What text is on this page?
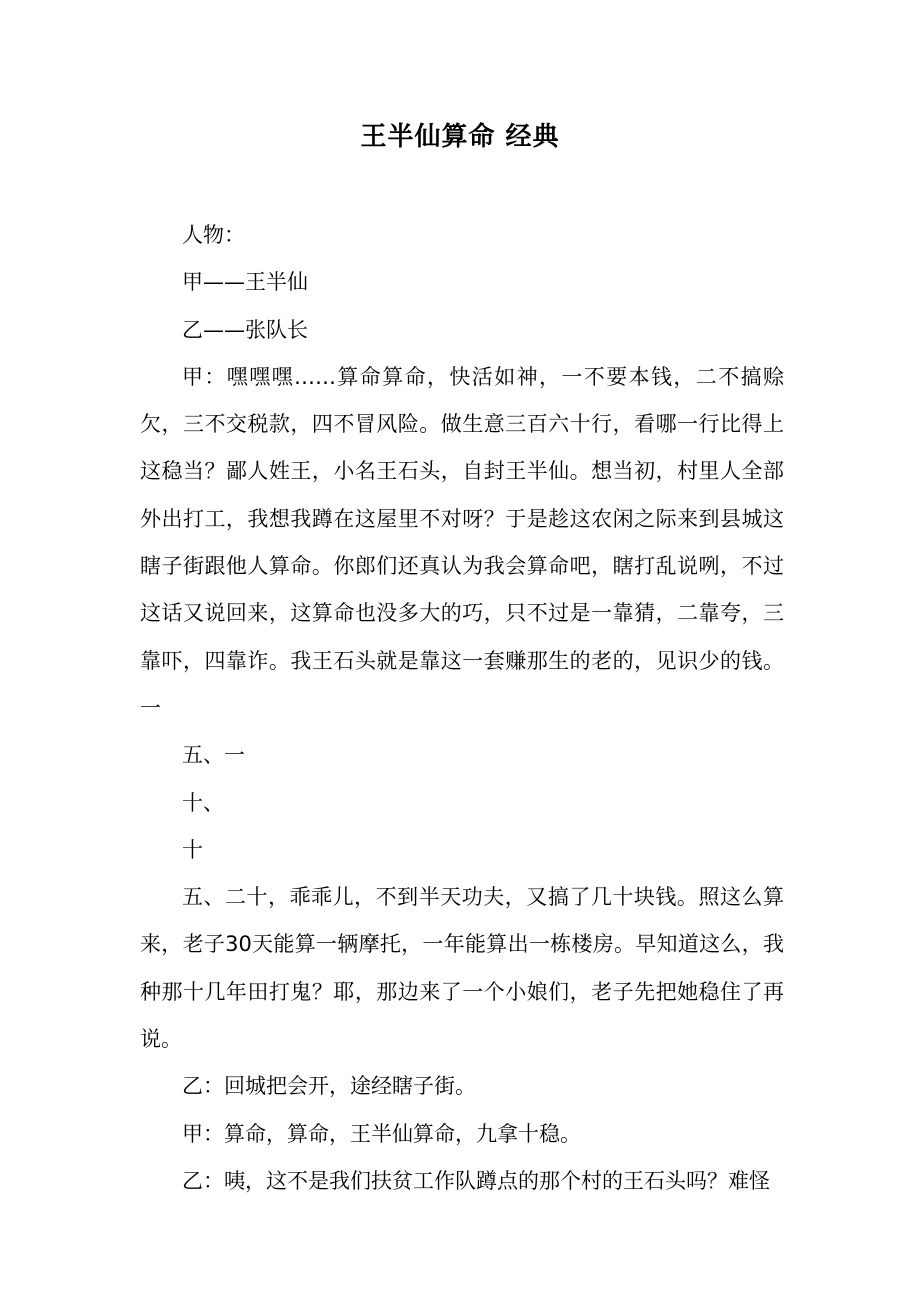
王半仙算命 经典

人物：

甲——王半仙

乙——张队长

甲：嘿嘿嘿……算命算命，快活如神，一不要本钱，二不搞赊欠，三不交税款，四不冒风险。做生意三百六十行，看哪一行比得上这稳当？鄙人姓王，小名王石头，自封王半仙。想当初，村里人全部外出打工，我想我蹲在这屋里不对呀？于是趁这农闲之际来到县城这瞎子街跟他人算命。你郎们还真认为我会算命吧，瞎打乱说咧，不过这话又说回来，这算命也没多大的巧，只不过是一靠猜，二靠夸，三靠吓，四靠诈。我王石头就是靠这一套赚那生的老的，见识少的钱。一

五、一

十、

十

五、二十，乖乖儿，不到半天功夫，又搞了几十块钱。照这么算来，老子30天能算一辆摩托，一年能算出一栋楼房。早知道这么，我种那十几年田打鬼？耶，那边来了一个小娘们，老子先把她稳住了再说。

乙：回城把会开，途经瞎子街。

甲：算命，算命，王半仙算命，九拿十稳。

乙：咦，这不是我们扶贫工作队蹲点的那个村的王石头吗？难怪
